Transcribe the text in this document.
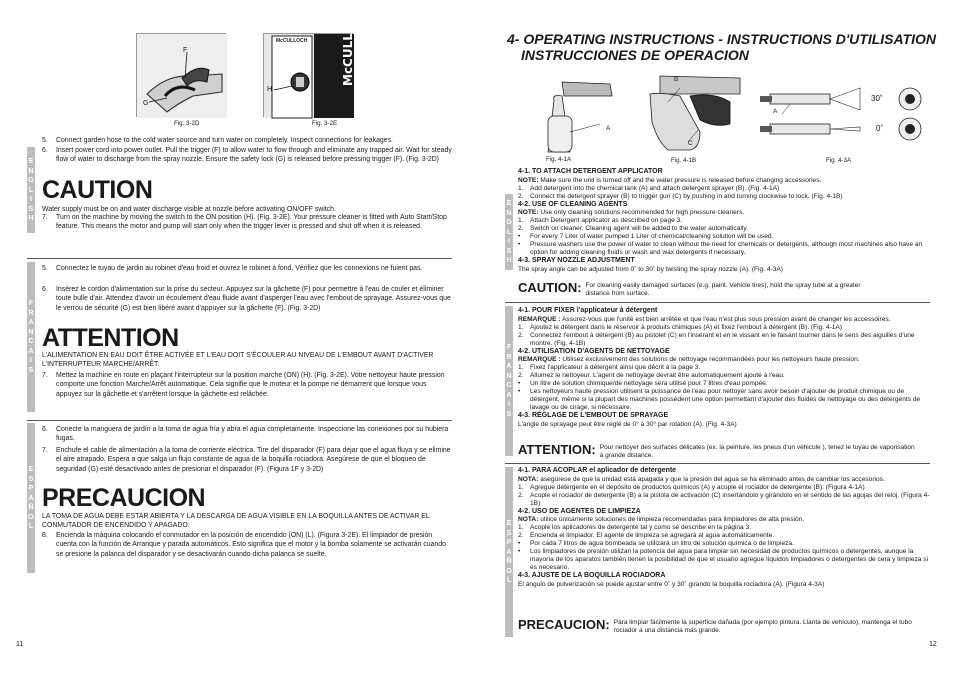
F
G
Fig. 3-2D
McCULLOCH
McCULLOCH
H
Fig. 3-2E
E
N
G
L
I
S
H
5.	Connect garden hose to the cold water source and turn water on completely. Inspect connections for leakages.
6.	Insert power cord into power outlet. Pull the trigger (F) to allow water to flow through and eliminate any trapped air. Wait for steady flow of water to discharge from the spray nozzle. Ensure the safety lock (G) is released before pressing trigger (F). (Fig. 3-2D)
CAUTION
Water supply must be on and water discharge visible at nozzle before activating ON/OFF switch.
7.	Turn on the machine by moving the switch to the ON position (H). (Fig. 3-2E). Your pressure cleaner is fitted with Auto Start/Stop feature. This means the motor and pump will start only when the trigger lever is pressed and shut off when it is released.
F
R
A
N
C
A
I
S
5.	Connectez le tuyau de jardin au robinet d'eau froid et ouvrez le robinet à fond. Vérifiez que les connexions ne fuient pas.
6.	Insérez le cordon d'alimentation sur la prise du secteur. Appuyez sur la gâchette (F) pour permettre à l'eau de couler et éliminer toute bulle d'air. Attendez d'avoir un écoulement d'eau fluide avant d'asperger l'eau avec l'embout de sprayage. Assurez-vous que le verrou de sécurité (G) est bien libéré avant d'appuyer sur la gâchette (F). (Fig. 3-2D)
ATTENTION
L'ALIMENTATION EN EAU DOIT ÊTRE ACTIVÉE ET L'EAU DOIT S'ÉCOULER AU NIVEAU DE L'EMBOUT AVANT D'ACTIVER L'INTERRUPTEUR MARCHE/ARRÊT.
7.	Mettez la machine en route en plaçant l'interrupteur sur la position marche (ON) (H). (Fig. 3-2E). Votre nettoyeur haute pression comporte une fonction Marche/Arrêt automatique. Cela signifie que le moteur et la pompe ne démarrent que lorsque vous appuyez sur la gâchette et s'arrêtent lorsque la gâchette est relâchée.
E
S
P
A
Ñ
O
L
6.	Conecte la manguera de jardín a la toma de agua fría y abra el agua completamente. Inspeccione las conexiones por su hubiera fugas.
7.	Enchufe el cable de alimentación a la toma de corriente eléctrica. Tire del disparador (F) para dejar que el agua fluya y se elimine el aire atrapado. Espera a que salga un flujo constante de agua de la boquilla rociadora. Asegúrese de que el bloqueo de seguridad (G) esté desactivado antes de presionar el disparador (F). (Figura 1F y 3-2D)
PRECAUCION
LA TOMA DE AGUA DEBE ESTAR ABIERTA Y LA DESCARGA DE AGUA VISIBLE EN LA BOQUILLA ANTES DE ACTIVAR EL CONMUTADOR DE ENCENDIDO Y APAGADO.
8.	Encienda la máquina colocando el conmutador en la posición de encendido (ON) (L). (Figura 3-2E). El limpiador de presión cuenta con la función de Arranque y parada automáticos. Esto significa que el motor y la bomba solamente se activarán cuando se presione la palanca del disparador y se desactivarán cuando dicha palanca se suelte.
11
4- OPERATING INSTRUCTIONS - INSTRUCTIONS D'UTILISATION
INSTRUCCIONES DE OPERACION
A
B
C
Fig. 4-1A	Fig. 4-1B
A
30˚
0˚
Fig. 4-3A
E
N
G
L
I
S
H

4-1. TO ATTACH DETERGENT APPLICATOR

NOTE: Make sure the unit is turned off and the water pressure is released before changing accessories.

1. Add detergent into the chemical tank (A) and attach detergent sprayer (B). (Fig. 4-1A)

2. Connect the detergent sprayer (B) to trigger gun (C) by pushing in and turning clockwise to lock. (Fig. 4-1B)

4-2. USE OF CLEANING AGENTS

NOTE: Use only cleaning solutions recommended for high pressure cleaners.

1. Attach Detergent applicator as described on page 3.

2. Switch on cleaner. Cleaning agent will be added to the water automatically.

• For every 7 Liter of water pumped 1 Liter of chemical/cleaning solution will be used.

• Pressure washers use the power of water to clean without the need for chemicals or detergents, although most machines also have an option for adding cleaning fluids or wash and wax detergents if necessary.

4-3. SPRAY NOZZLE ADJUSTMENT

The spray angle can be adjusted from 0˚ to 30˚ by twisting the spray nozzle (A). (Fig. 4-3A)

CAUTION: For cleaning easily damaged surfaces (e.g. paint. Vehicle tires), hold the spray tube at a greater distance from surface.
F
R
A
N
C
A
I
S

4-1. POUR FIXER l'applicateur à détergent

REMARQUE : Assurez-vous que l'unité est bien arrêtée et que l'eau n'est plus sous pression avant de changer les accessoires.

1. Ajoutez le détergent dans le réservoir à produits chimiques (A) et fixez l'embout à détergent (B). (Fig. 4-1A)

2. Connectez l'embout à détergent (B) au pistolet (C) en l'insérant et en le vissant en le faisant tourner dans le sens des aiguilles d'une montre. (Fig. 4-1B)

4-2. UTILISATION D'AGENTS DE NETTOYAGE

REMARQUE : Utilisez exclusivement des solutions de nettoyage recommandées pour les nettoyeurs haute pression.

1. Fixez l'applicateur à détergent ainsi que décrit à la page 3.

2. Allumez le nettoyeur. L'agent de nettoyage devrait être automatiquement ajouté à l'eau.

• Un litre de solution chimique/de nettoyage sera utilisé pour 7 litres d'eau pompée.

• Les nettoyeurs haute pression utilisent la puissance de l'eau pour nettoyer sans avoir besoin d'ajouter de produit chimique ou de détergent, même si la plupart des machines possèdent une option permettant d'ajouter des fluides de nettoyage ou des détergents de lavage ou de cirage, si nécessaire.

4-3. RÉGLAGE DE L'EMBOUT DE SPRAYAGE

L'angle de sprayage peut être réglé de 0° à 30° par rotation (A). (Fig. 4-3A)

ATTENTION: Pour nettoyer des surfaces délicates (ex. la peinture, les pneus d'un véhicule ), tenez le tuyau de vaporisation à grande distance.
E
S
P
A
Ñ
O
L

4-1. PARA ACOPLAR el aplicador de detergente

NOTA: asegúrese de que la unidad está apagada y que la presión del agua se ha eliminado antes de cambiar los accesorios.

1. Agregue detergente en el depósito de productos químicos (A) y acople el rociador de detergente (B). (Figura 4-1A)

2. Acople el rociador de detergente (B) a la pistola de activación (C) insertándolo y girándolo en el sentido de las agujas del reloj. (Figura 4-1B)

4-2. USO DE AGENTES DE LIMPIEZA

NOTA: utilice únicamente soluciones de limpieza recomendadas para limpiadores de alta presión.

1. Acople los aplicadores de detergente tal y como se describe en la página 3.

2. Encienda el limpiador. El agente de limpieza se agregará al agua automáticamente.

• Por cada 7 litros de agua bombeada se utilizará un litro de solución química o de limpieza.

• Los limpiadores de presión utilizan la potencia del agua para limpiar sin necesidad de productos químicos o detergentes, aunque la mayoría de los aparatos también tienen la posibilidad de que el usuario agregue líquidos limpiadores o detergentes de cera y limpieza si es necesario.

4-3. AJUSTE DE LA BOQUILLA ROCIADORA

El ángulo de pulverización se puede ajustar entre 0˚ y 30˚ girando la boquilla rociadora (A). (Figura 4-3A)

PRECAUCION: Para limpiar fácilmente la superficie dañada (por ejemplo pintura. Llanta de vehículo), mantenga el tubo rociador a una distancia más grande.
12
